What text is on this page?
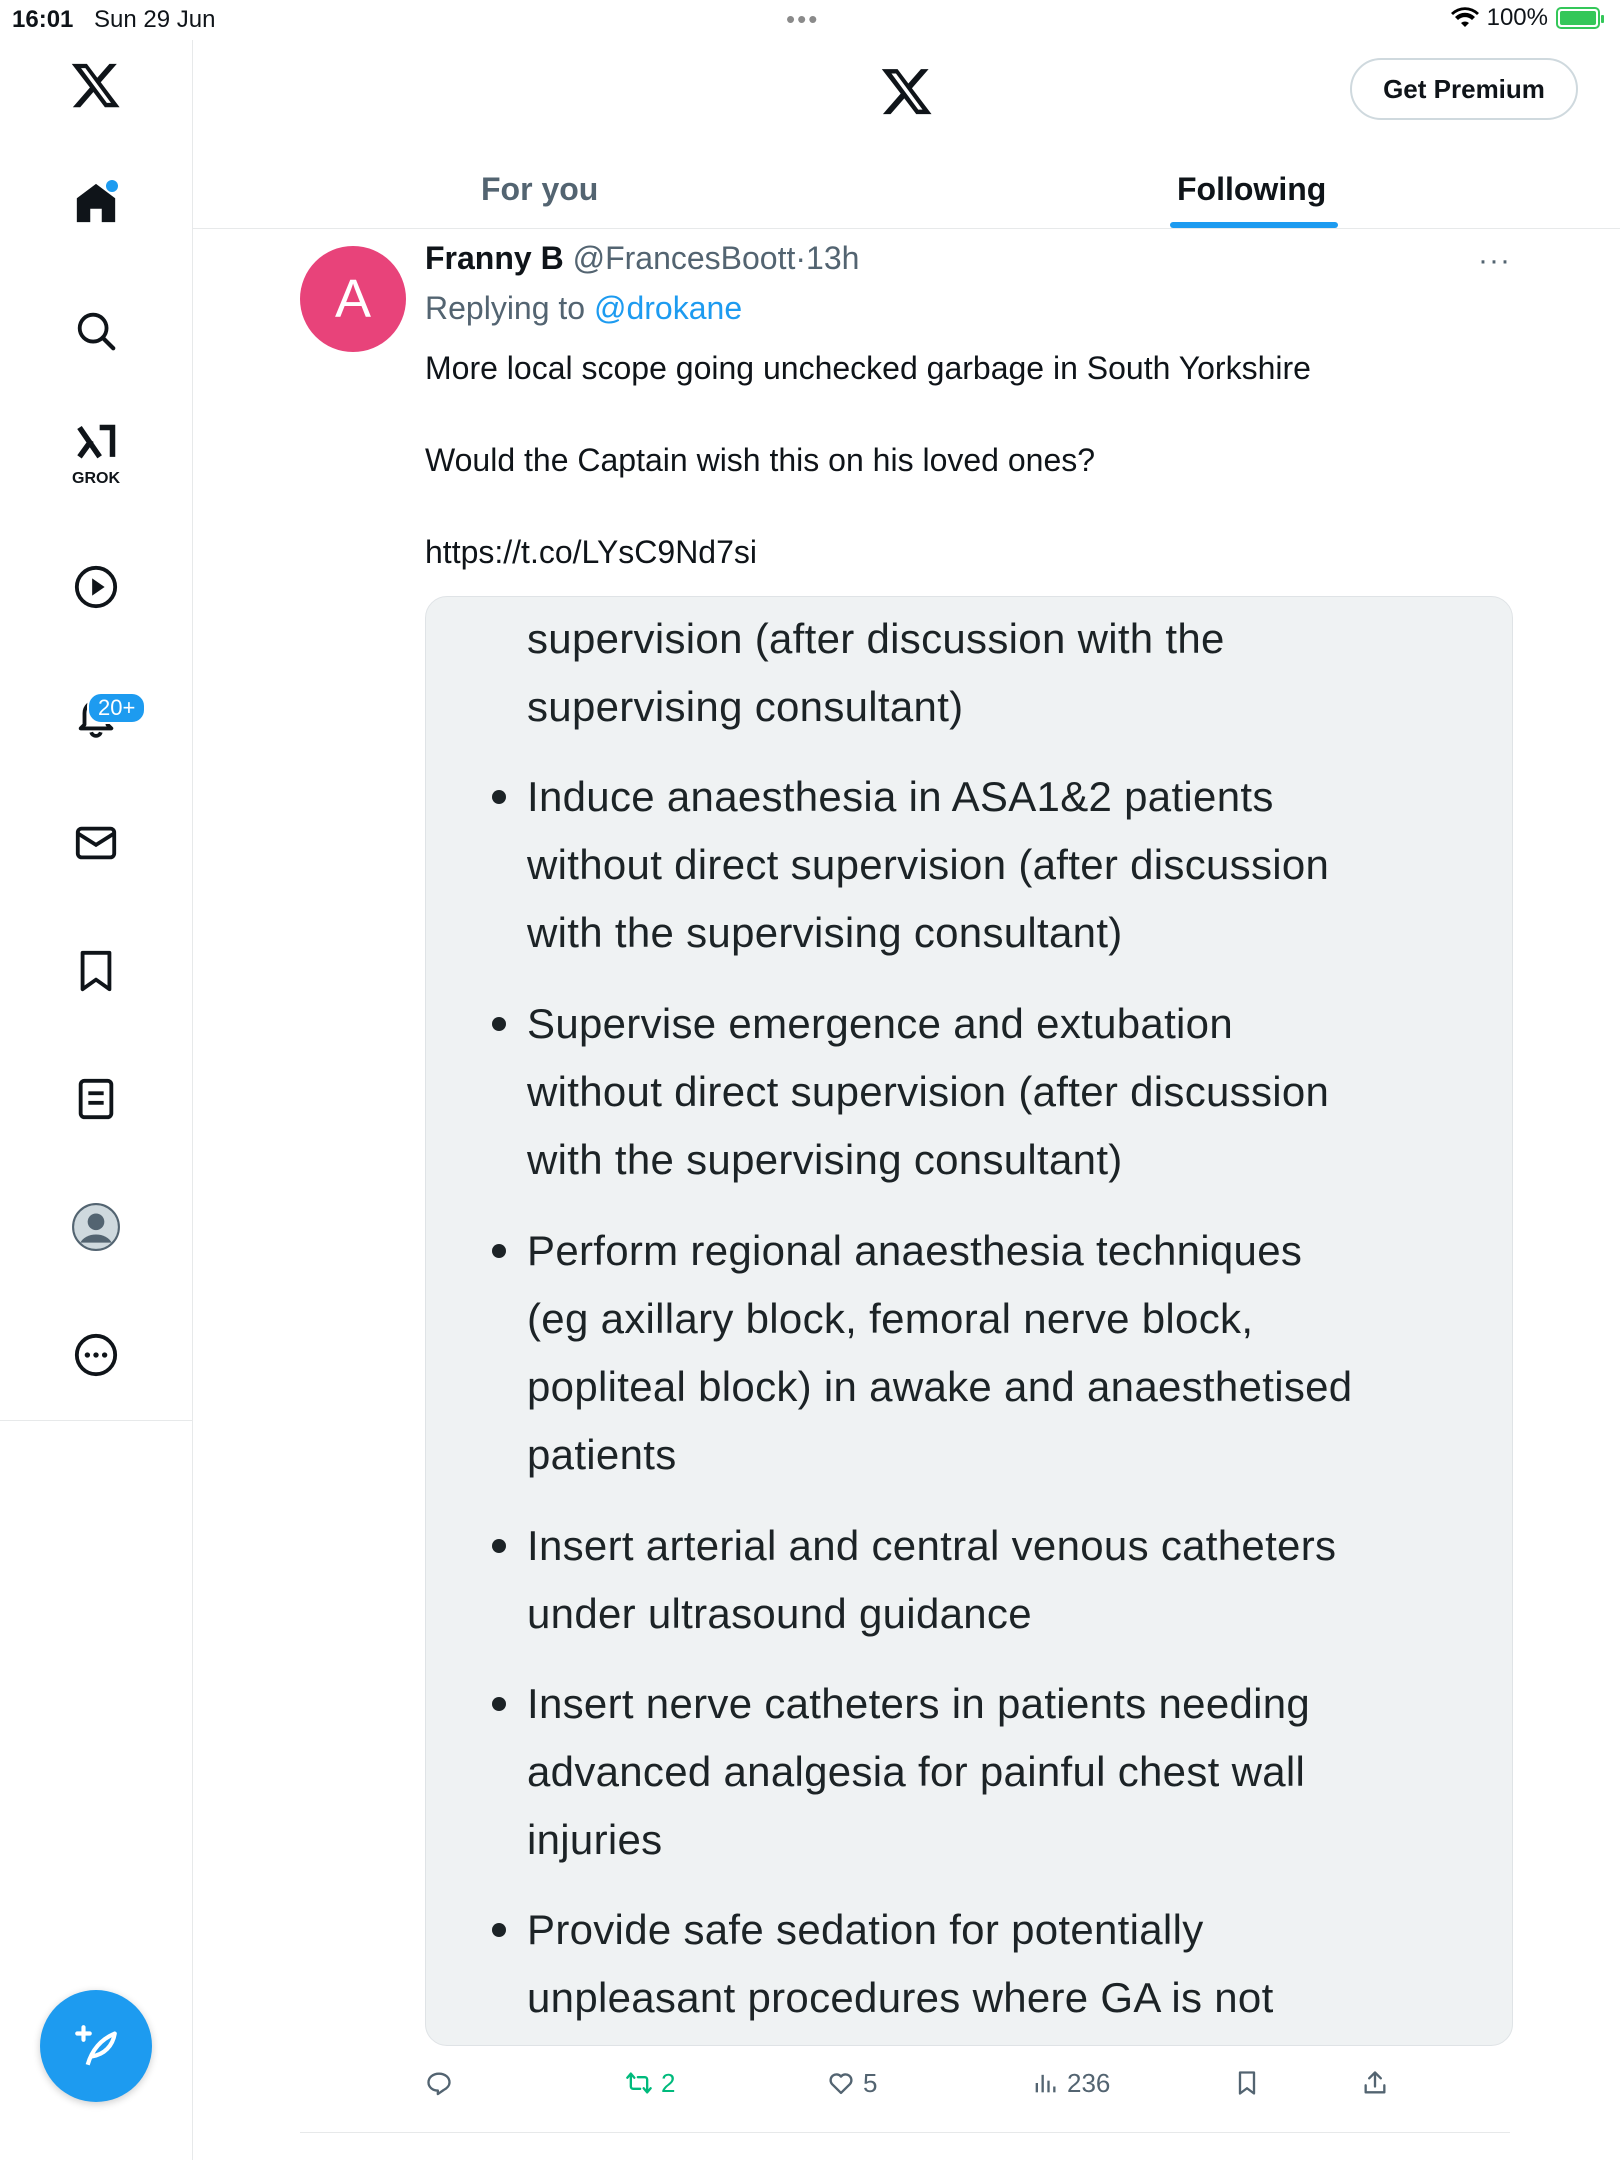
16:01 Sun 29 Jun	•••	100%
GROK
20+
Get Premium
For you	Following
A
Franny B @FrancesBoott·13h	···
Replying to @drokane
More local scope going unchecked garbage in South Yorkshire
Would the Captain wish this on his loved ones?
https://t.co/LYsC9Nd7si
supervision (after discussion with the
supervising consultant)
Induce anaesthesia in ASA1&2 patients
without direct supervision (after discussion
with the supervising consultant)
Supervise emergence and extubation
without direct supervision (after discussion
with the supervising consultant)
Perform regional anaesthesia techniques
(eg axillary block, femoral nerve block,
popliteal block) in awake and anaesthetised
patients
Insert arterial and central venous catheters
under ultrasound guidance
Insert nerve catheters in patients needing
advanced analgesia for painful chest wall
injuries
Provide safe sedation for potentially
unpleasant procedures where GA is not
2	5	236
